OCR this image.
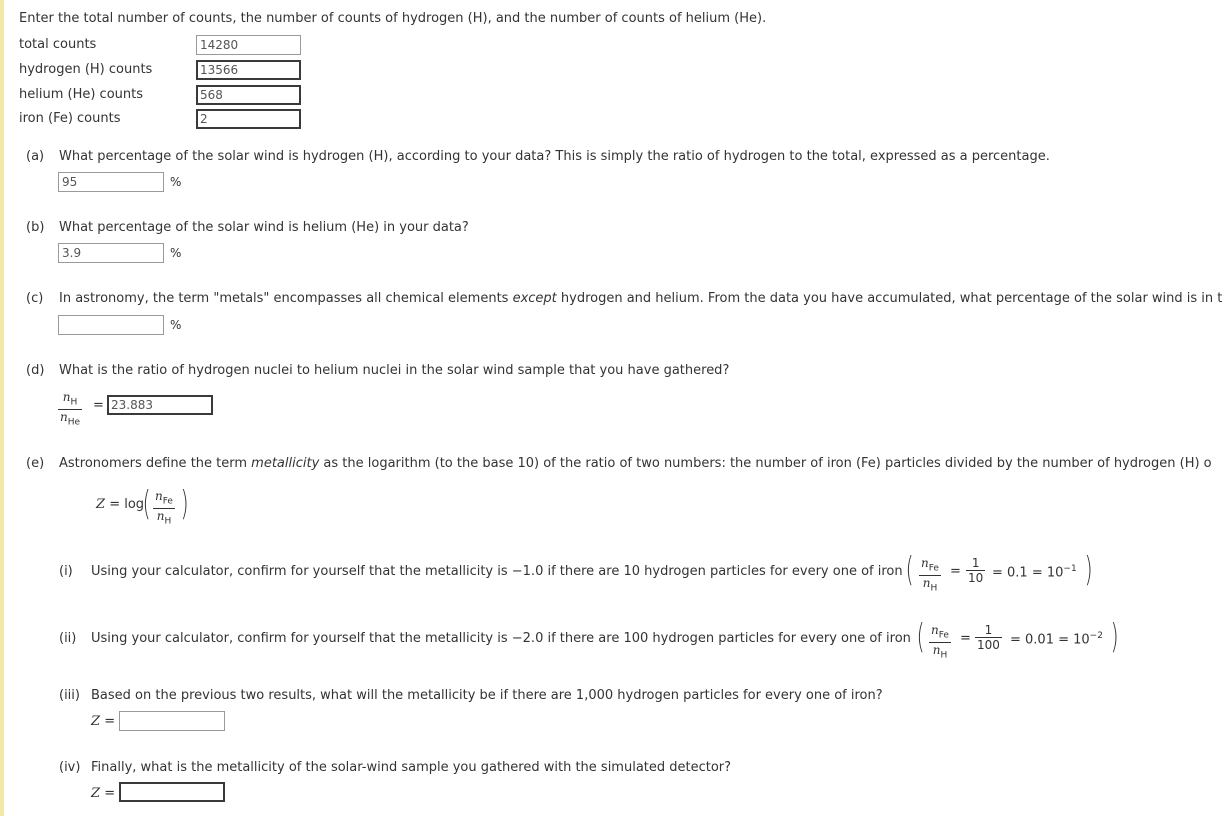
Enter the total number of counts, the number of counts of hydrogen (H), and the number of counts of helium (He).
total counts	14280
hydrogen (H) counts	13566
helium (He) counts	568
iron (Fe) counts	2
(a) What percentage of the solar wind is hydrogen (H), according to your data? This is simply the ratio of hydrogen to the total, expressed as a percentage.
95	%
(b) What percentage of the solar wind is helium (He) in your data?
3.9	%
(c) In astronomy, the term "metals" encompasses all chemical elements except hydrogen and helium. From the data you have accumulated, what percentage of the solar wind is in t
%
(d) What is the ratio of hydrogen nuclei to helium nuclei in the solar wind sample that you have gathered?
$n_H$
$n_{He}$
= 23.883
(e) Astronomers define the term metallicity as the logarithm (to the base 10) of the ratio of two numbers: the number of iron (Fe) particles divided by the number of hydrogen (H) o
Z = log
( $n_{Fe}$
$n_H$ )
(i) Using your calculator, confirm for yourself that the metallicity is −1.0 if there are 10 hydrogen particles for every one of iron ( $n_{Fe}$
$n_H$
= $\frac{1}{10} = 0.1 = 10^{-1}$ )
(ii) Using your calculator, confirm for yourself that the metallicity is −2.0 if there are 100 hydrogen particles for every one of iron ( $n_{Fe}$
$n_H$
= $\frac{1}{100} = 0.01 = 10^{-2}$ )
(iii) Based on the previous two results, what will the metallicity be if there are 1,000 hydrogen particles for every one of iron?
Z =
(iv) Finally, what is the metallicity of the solar-wind sample you gathered with the simulated detector?
Z =
